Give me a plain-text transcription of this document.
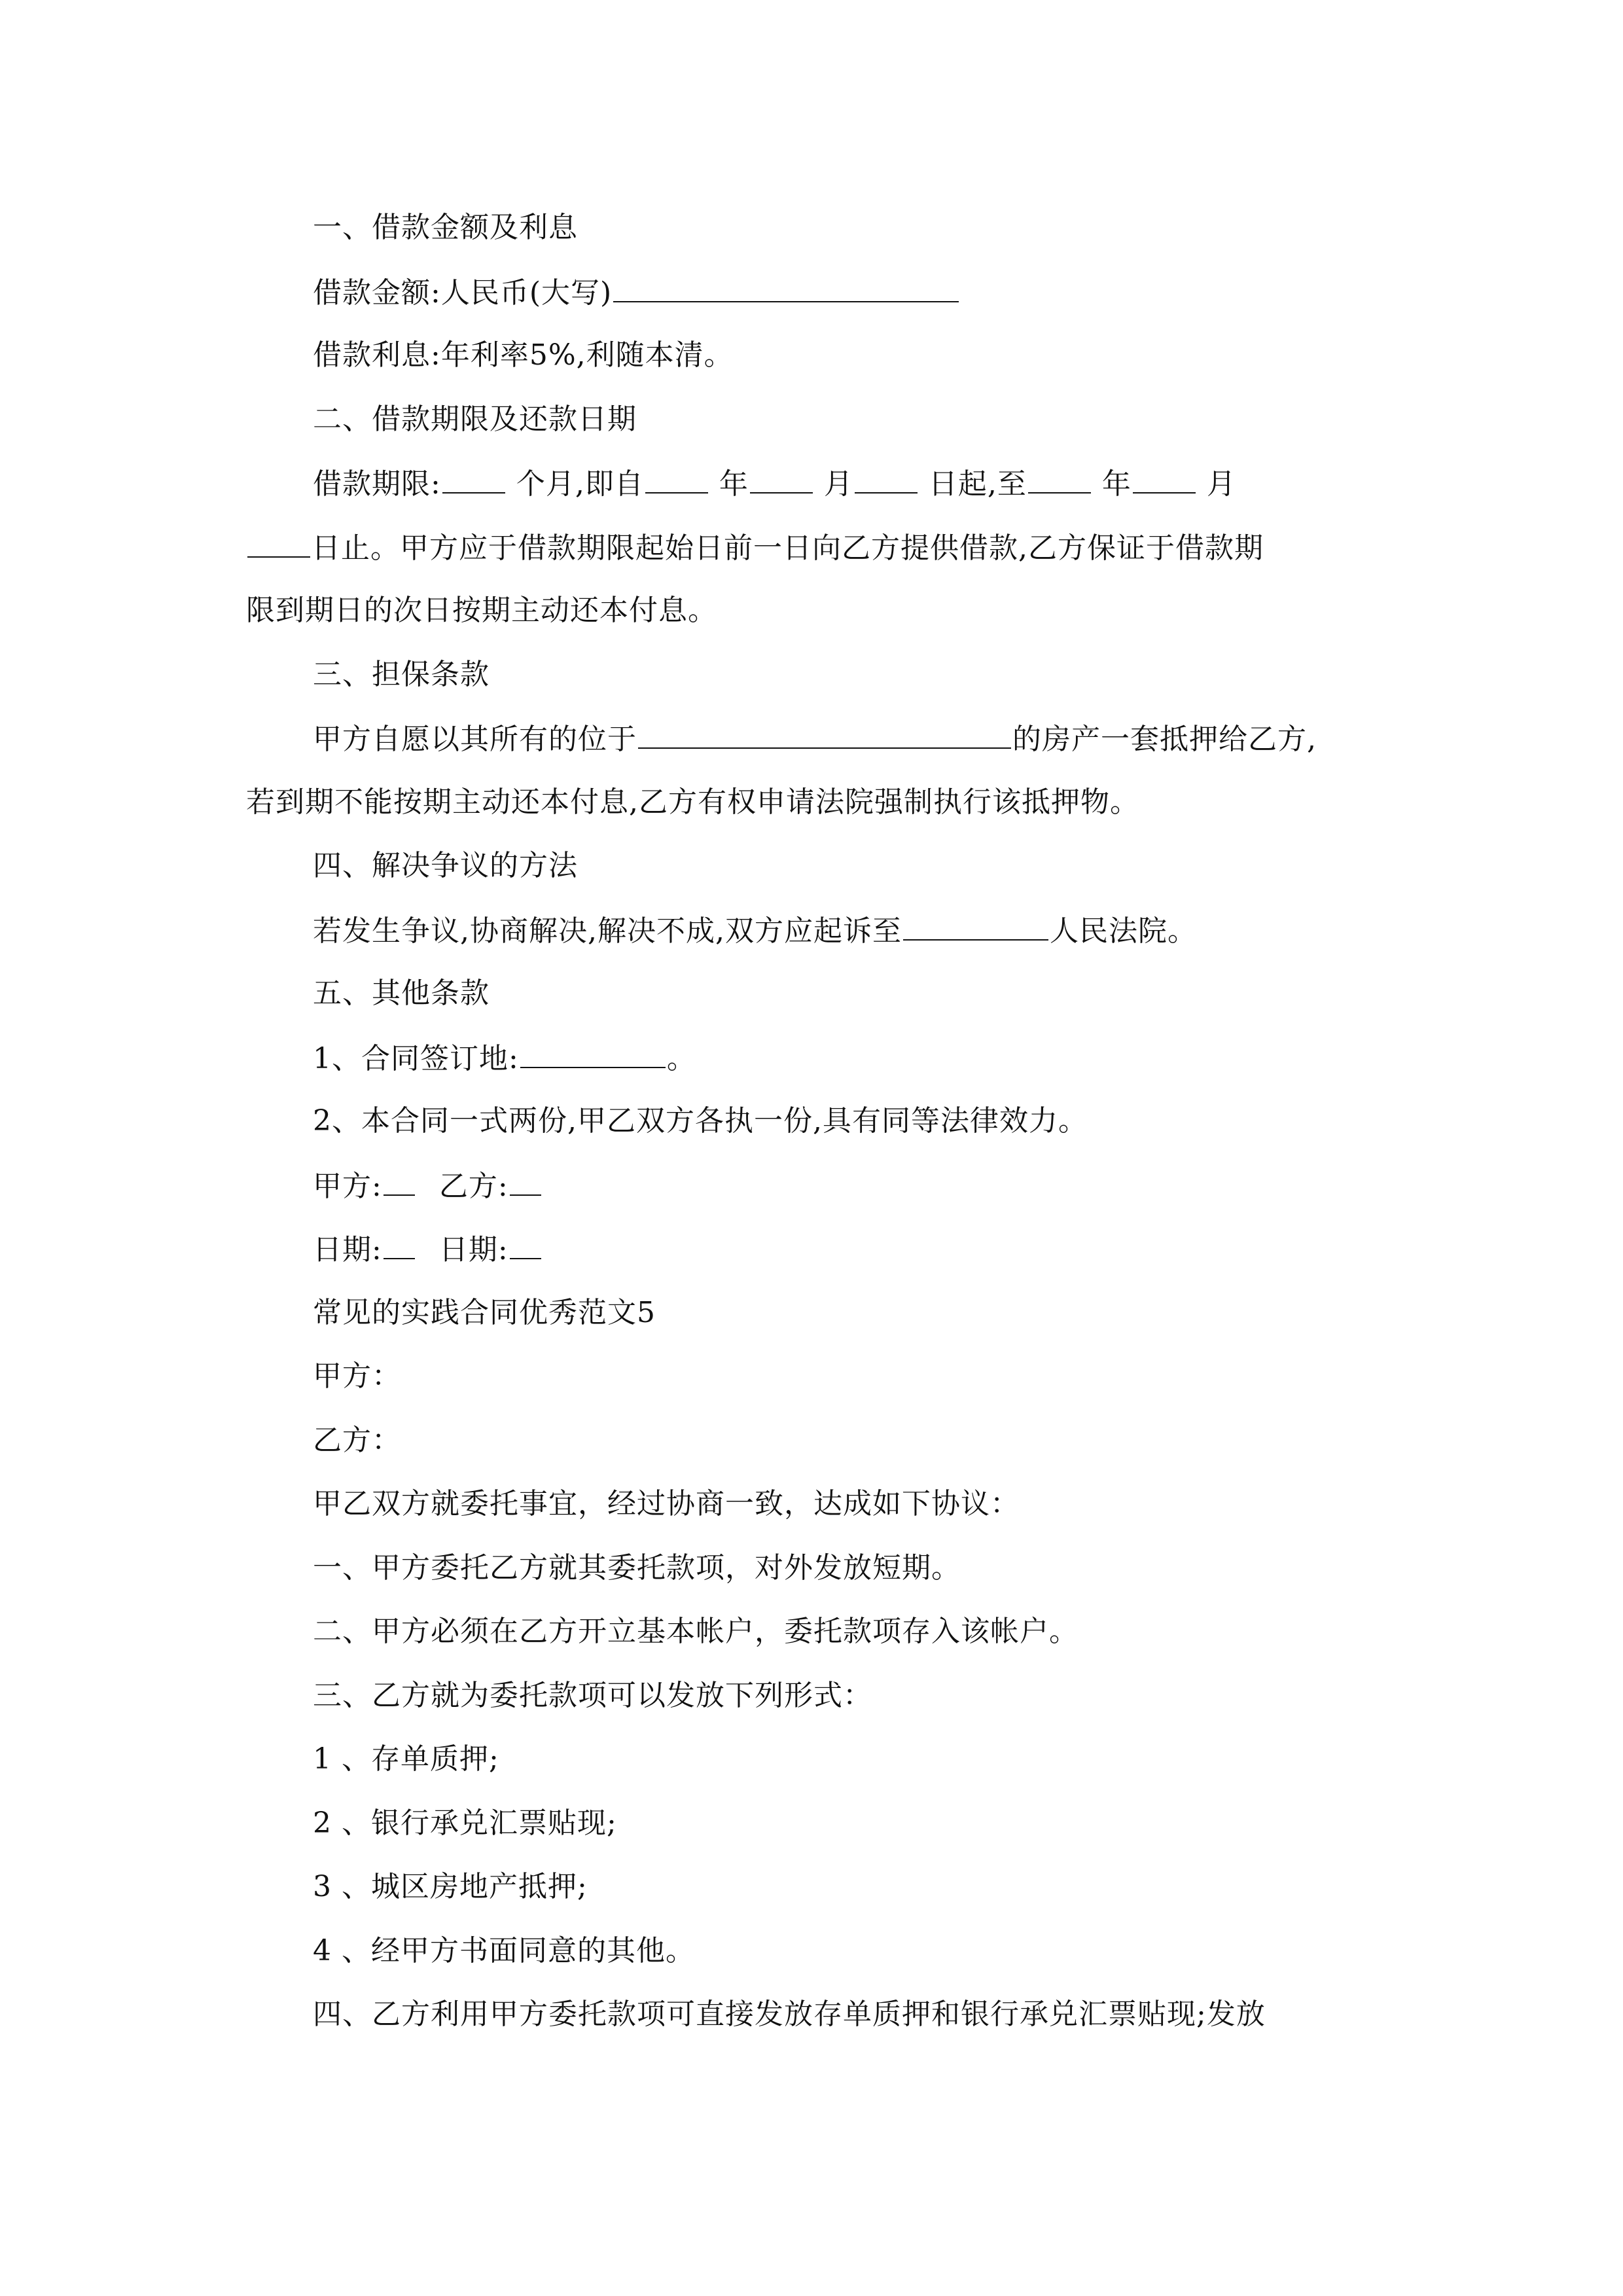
一、借款金额及利息
借款金额:人民币(大写)
借款利息:年利率5%,利随本清。
二、借款期限及还款日期
借款期限:	个月,即自	年	月	日起,至	年	月
日止。甲方应于借款期限起始日前一日向乙方提供借款,乙方保证于借款期
限到期日的次日按期主动还本付息。
三、担保条款
甲方自愿以其所有的位于	的房产一套抵押给乙方,
若到期不能按期主动还本付息,乙方有权申请法院强制执行该抵押物。
四、解决争议的方法
若发生争议,协商解决,解决不成,双方应起诉至	人民法院。
五、其他条款
1、合同签订地:	。
2、本合同一式两份,甲乙双方各执一份,具有同等法律效力。
甲方: 乙方:
日期: 日期:
常见的实践合同优秀范文5
甲方：
乙方：
甲乙双方就委托事宜，经过协商一致，达成如下协议：
一、甲方委托乙方就其委托款项，对外发放短期。
二、甲方必须在乙方开立基本帐户，委托款项存入该帐户。
三、乙方就为委托款项可以发放下列形式：
1 、存单质押;
2 、银行承兑汇票贴现;
3 、城区房地产抵押;
4 、经甲方书面同意的其他。
四、乙方利用甲方委托款项可直接发放存单质押和银行承兑汇票贴现;发放
